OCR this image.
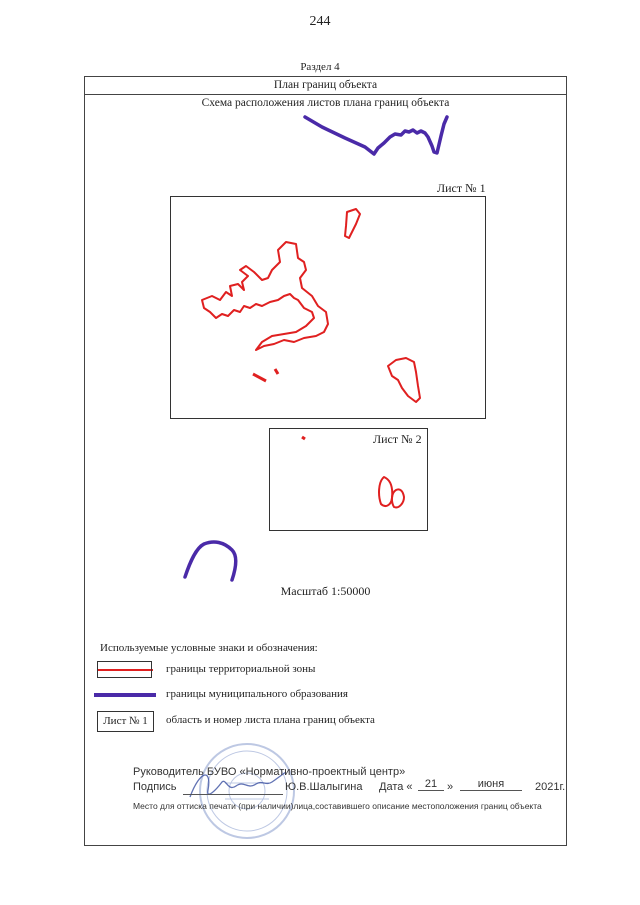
244
Раздел 4
План границ объекта
Схема расположения листов плана границ объекта
Лист № 1
Лист № 2
Масштаб 1:50000
Используемые условные знаки и обозначения:
границы территориальной зоны
границы муниципального образования
Лист № 1	область и номер листа плана границ объекта
Руководитель БУВО «Нормативно-проектный центр»
Подпись	Ю.В.Шалыгина Дата «	21 »	июня	2021г.
Место для оттиска печати (при наличии)лица,составившего описание местоположения границ объекта
